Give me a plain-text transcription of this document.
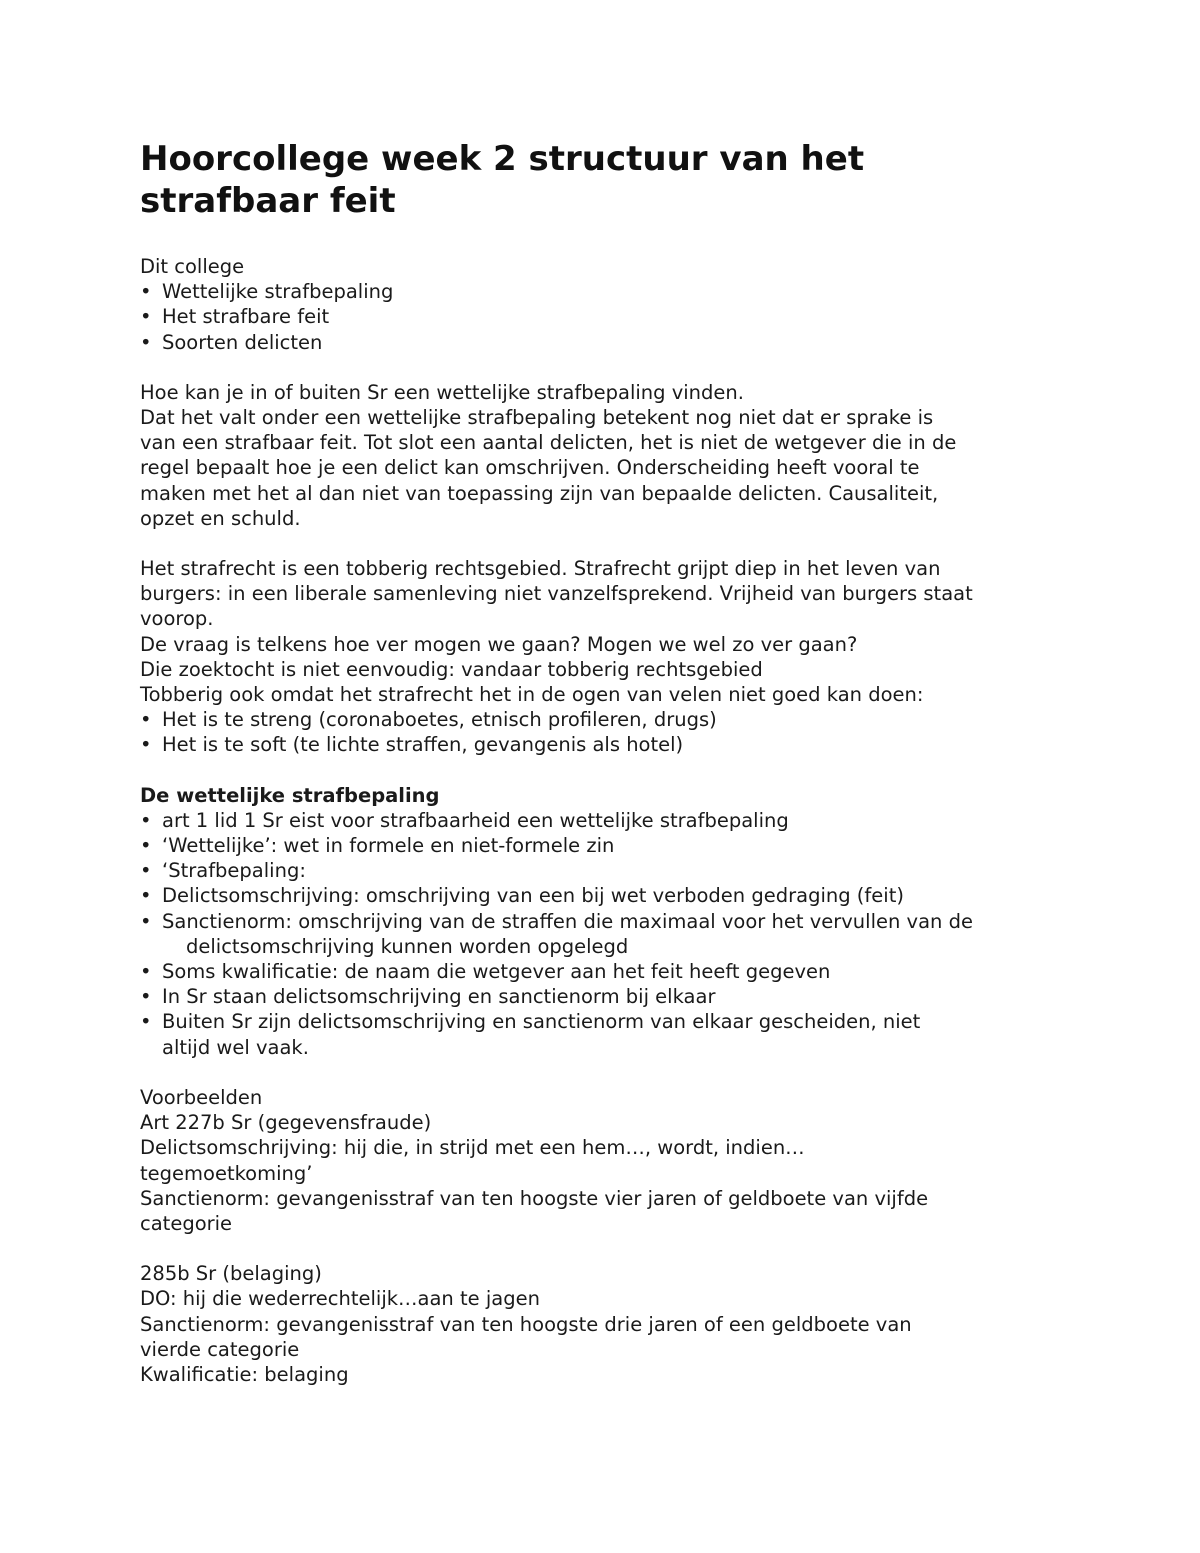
Hoorcollege week 2 structuur van het
strafbaar feit
Dit college
• Wettelijke strafbepaling
• Het strafbare feit
• Soorten delicten
Hoe kan je in of buiten Sr een wettelijke strafbepaling vinden.
Dat het valt onder een wettelijke strafbepaling betekent nog niet dat er sprake is
van een strafbaar feit. Tot slot een aantal delicten, het is niet de wetgever die in de
regel bepaalt hoe je een delict kan omschrijven. Onderscheiding heeft vooral te
maken met het al dan niet van toepassing zijn van bepaalde delicten. Causaliteit,
opzet en schuld.
Het strafrecht is een tobberig rechtsgebied. Strafrecht grijpt diep in het leven van
burgers: in een liberale samenleving niet vanzelfsprekend. Vrijheid van burgers staat
voorop.
De vraag is telkens hoe ver mogen we gaan? Mogen we wel zo ver gaan?
Die zoektocht is niet eenvoudig: vandaar tobberig rechtsgebied
Tobberig ook omdat het strafrecht het in de ogen van velen niet goed kan doen:
• Het is te streng (coronaboetes, etnisch profileren, drugs)
• Het is te soft (te lichte straffen, gevangenis als hotel)
De wettelijke strafbepaling
• art 1 lid 1 Sr eist voor strafbaarheid een wettelijke strafbepaling
• ‘Wettelijke’: wet in formele en niet-formele zin
• ‘Strafbepaling:
• Delictsomschrijving: omschrijving van een bij wet verboden gedraging (feit)
• Sanctienorm: omschrijving van de straffen die maximaal voor het vervullen van de
delictsomschrijving kunnen worden opgelegd
• Soms kwalificatie: de naam die wetgever aan het feit heeft gegeven
• In Sr staan delictsomschrijving en sanctienorm bij elkaar
• Buiten Sr zijn delictsomschrijving en sanctienorm van elkaar gescheiden, niet
altijd wel vaak.
Voorbeelden
Art 227b Sr (gegevensfraude)
Delictsomschrijving: hij die, in strijd met een hem…, wordt, indien…
tegemoetkoming’
Sanctienorm: gevangenisstraf van ten hoogste vier jaren of geldboete van vijfde
categorie
285b Sr (belaging)
DO: hij die wederrechtelijk…aan te jagen
Sanctienorm: gevangenisstraf van ten hoogste drie jaren of een geldboete van
vierde categorie
Kwalificatie: belaging
